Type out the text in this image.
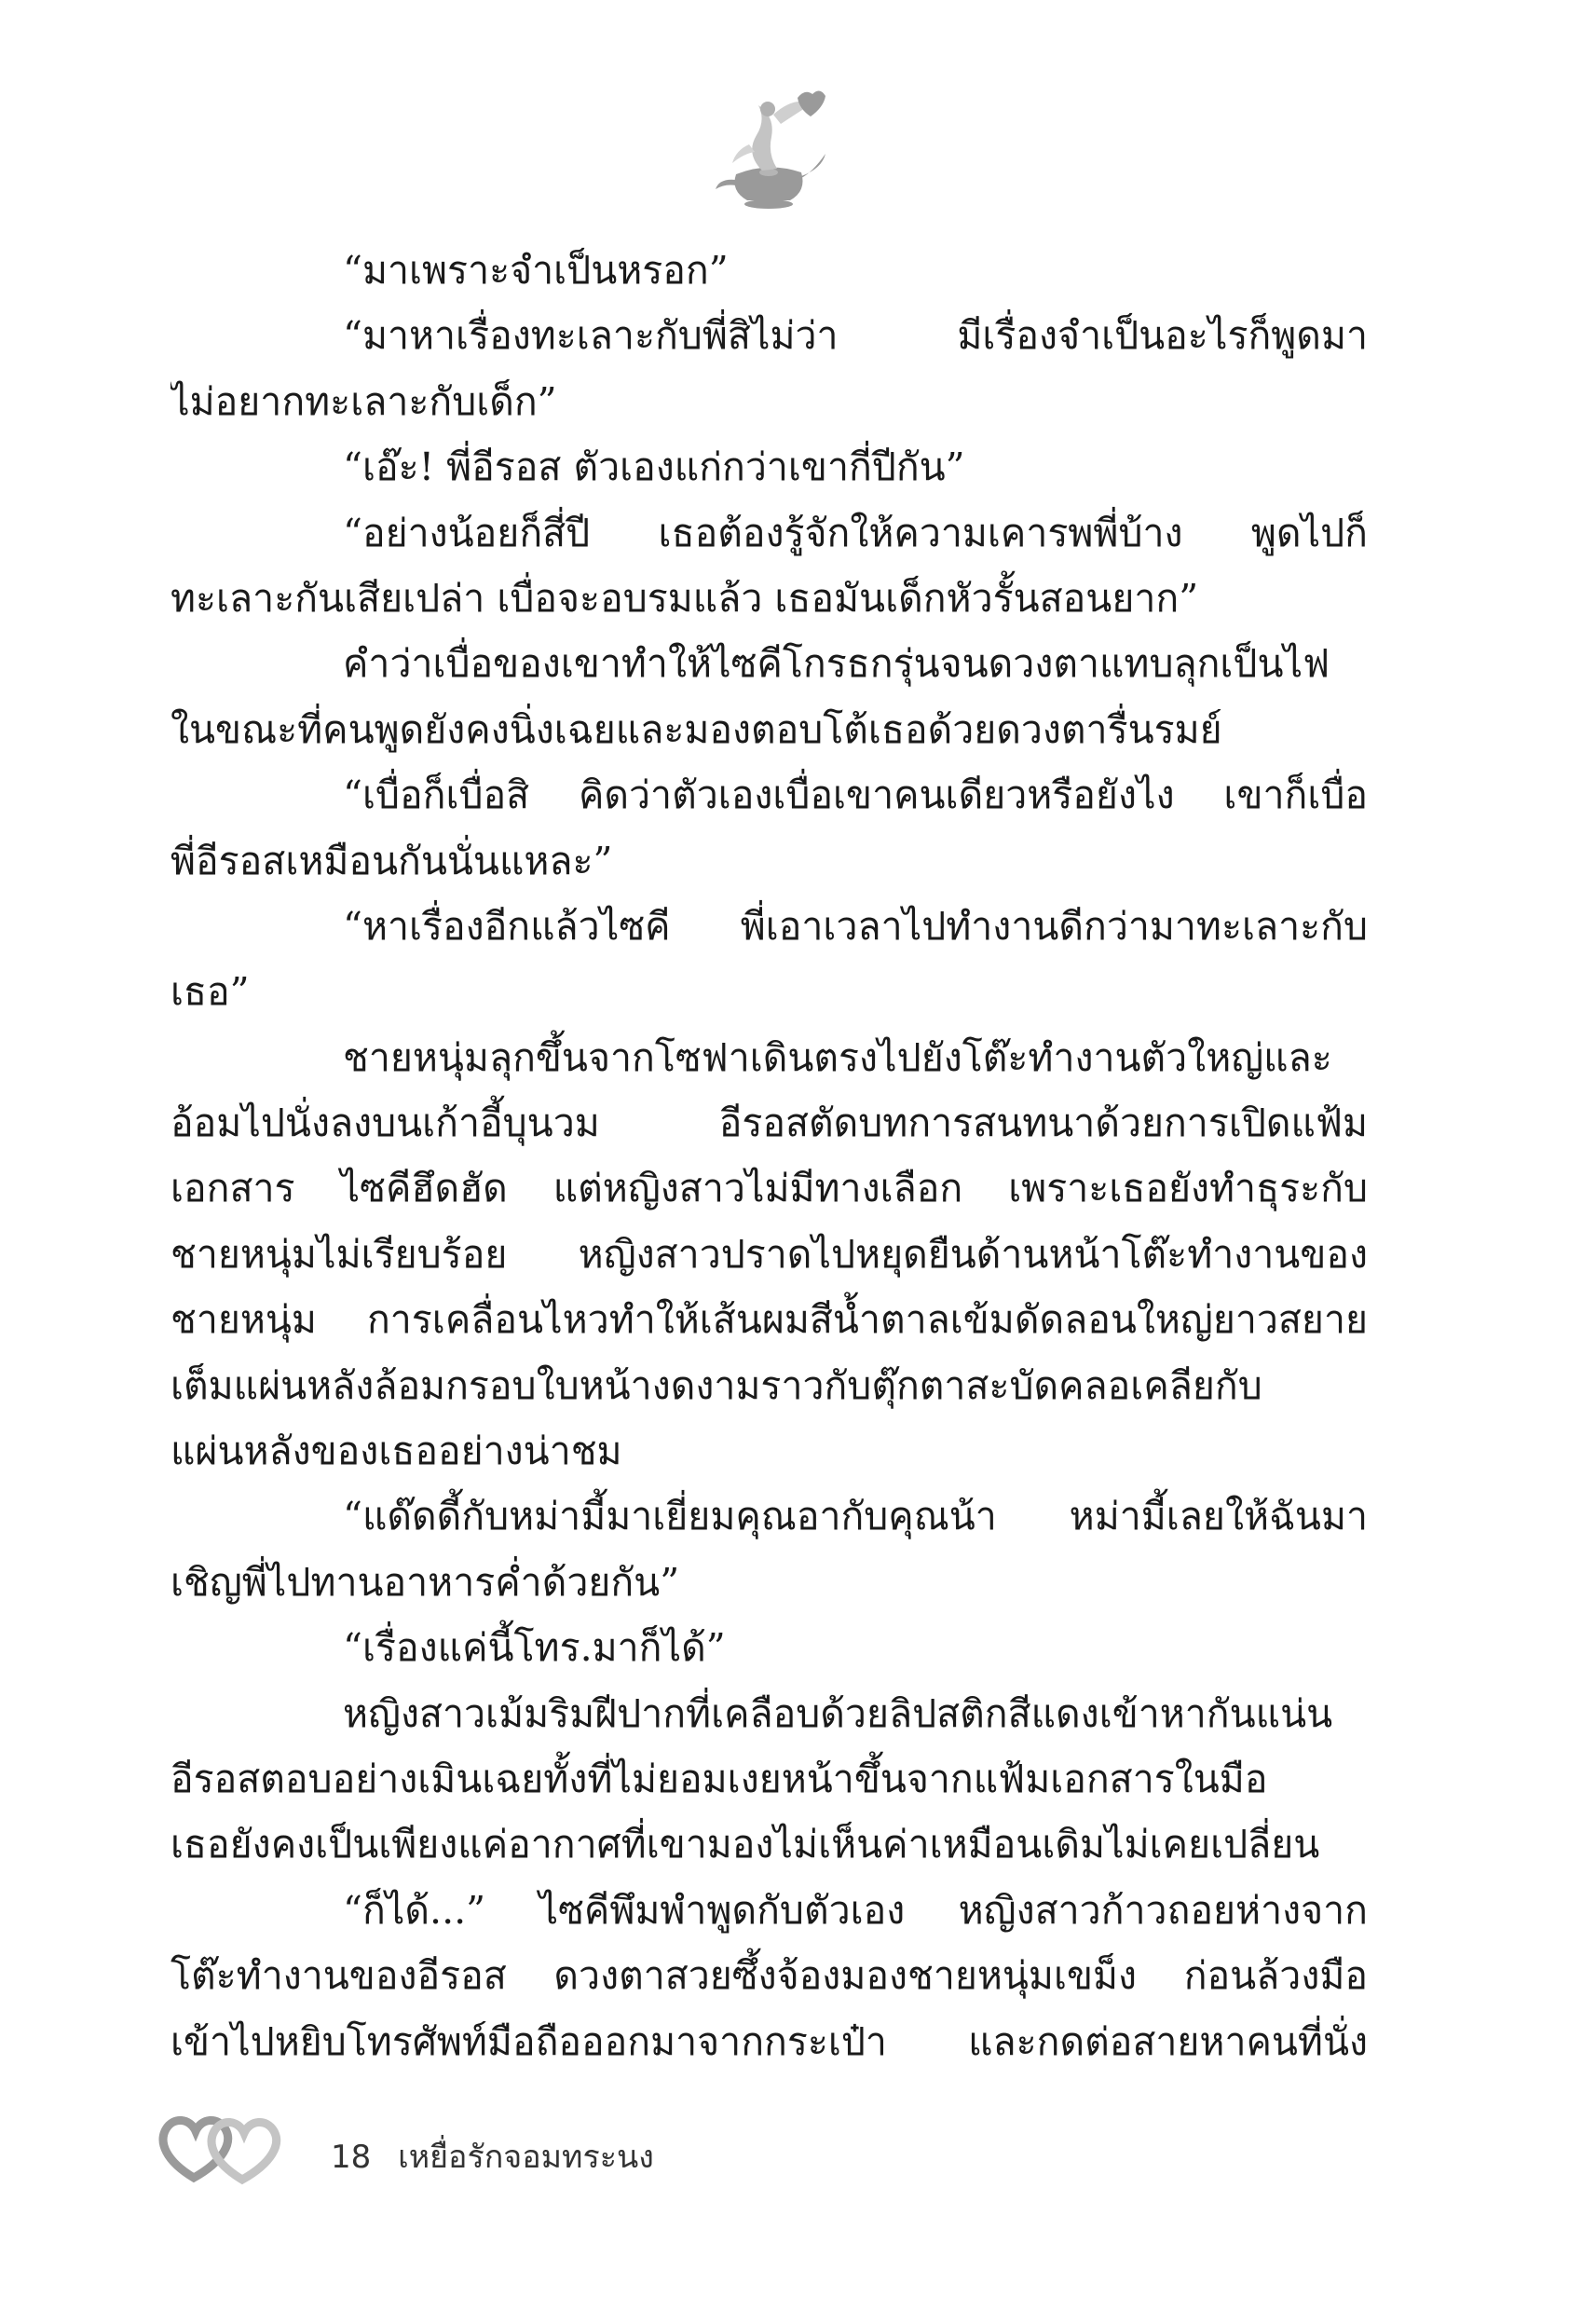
“มาเพราะจำเป็นหรอก”
“มาหาเรื่องทะเลาะกับพี่สิไม่ว่า มีเรื่องจำเป็นอะไรก็พูดมา
ไม่อยากทะเลาะกับเด็ก”
“เอ๊ะ! พี่อีรอส ตัวเองแก่กว่าเขากี่ปีกัน”
“อย่างน้อยก็สี่ปี เธอต้องรู้จักให้ความเคารพพี่บ้าง พูดไปก็
ทะเลาะกันเสียเปล่า เบื่อจะอบรมแล้ว เธอมันเด็กหัวรั้นสอนยาก”
คำว่าเบื่อของเขาทำให้ไซคีโกรธกรุ่นจนดวงตาแทบลุกเป็นไฟ
ในขณะที่คนพูดยังคงนิ่งเฉยและมองตอบโต้เธอด้วยดวงตารื่นรมย์
“เบื่อก็เบื่อสิ คิดว่าตัวเองเบื่อเขาคนเดียวหรือยังไง เขาก็เบื่อ
พี่อีรอสเหมือนกันนั่นแหละ”
“หาเรื่องอีกแล้วไซคี พี่เอาเวลาไปทำงานดีกว่ามาทะเลาะกับ
เธอ”
ชายหนุ่มลุกขึ้นจากโซฟาเดินตรงไปยังโต๊ะทำงานตัวใหญ่และ
อ้อมไปนั่งลงบนเก้าอี้บุนวม อีรอสตัดบทการสนทนาด้วยการเปิดแฟ้ม
เอกสาร ไซคีฮึดฮัด แต่หญิงสาวไม่มีทางเลือก เพราะเธอยังทำธุระกับ
ชายหนุ่มไม่เรียบร้อย หญิงสาวปราดไปหยุดยืนด้านหน้าโต๊ะทำงานของ
ชายหนุ่ม การเคลื่อนไหวทำให้เส้นผมสีน้ำตาลเข้มดัดลอนใหญ่ยาวสยาย
เต็มแผ่นหลังล้อมกรอบใบหน้างดงามราวกับตุ๊กตาสะบัดคลอเคลียกับ
แผ่นหลังของเธออย่างน่าชม
“แด๊ดดี้กับหม่ามี้มาเยี่ยมคุณอากับคุณน้า หม่ามี้เลยให้ฉันมา
เชิญพี่ไปทานอาหารค่ำด้วยกัน”
“เรื่องแค่นี้โทร.มาก็ได้”
หญิงสาวเม้มริมฝีปากที่เคลือบด้วยลิปสติกสีแดงเข้าหากันแน่น
อีรอสตอบอย่างเมินเฉยทั้งที่ไม่ยอมเงยหน้าขึ้นจากแฟ้มเอกสารในมือ
เธอยังคงเป็นเพียงแค่อากาศที่เขามองไม่เห็นค่าเหมือนเดิมไม่เคยเปลี่ยน
“ก็ได้...” ไซคีพึมพำพูดกับตัวเอง หญิงสาวก้าวถอยห่างจาก
โต๊ะทำงานของอีรอส ดวงตาสวยซึ้งจ้องมองชายหนุ่มเขม็ง ก่อนล้วงมือ
เข้าไปหยิบโทรศัพท์มือถือออกมาจากกระเป๋า และกดต่อสายหาคนที่นั่ง
18 เหยื่อรักจอมทระนง
